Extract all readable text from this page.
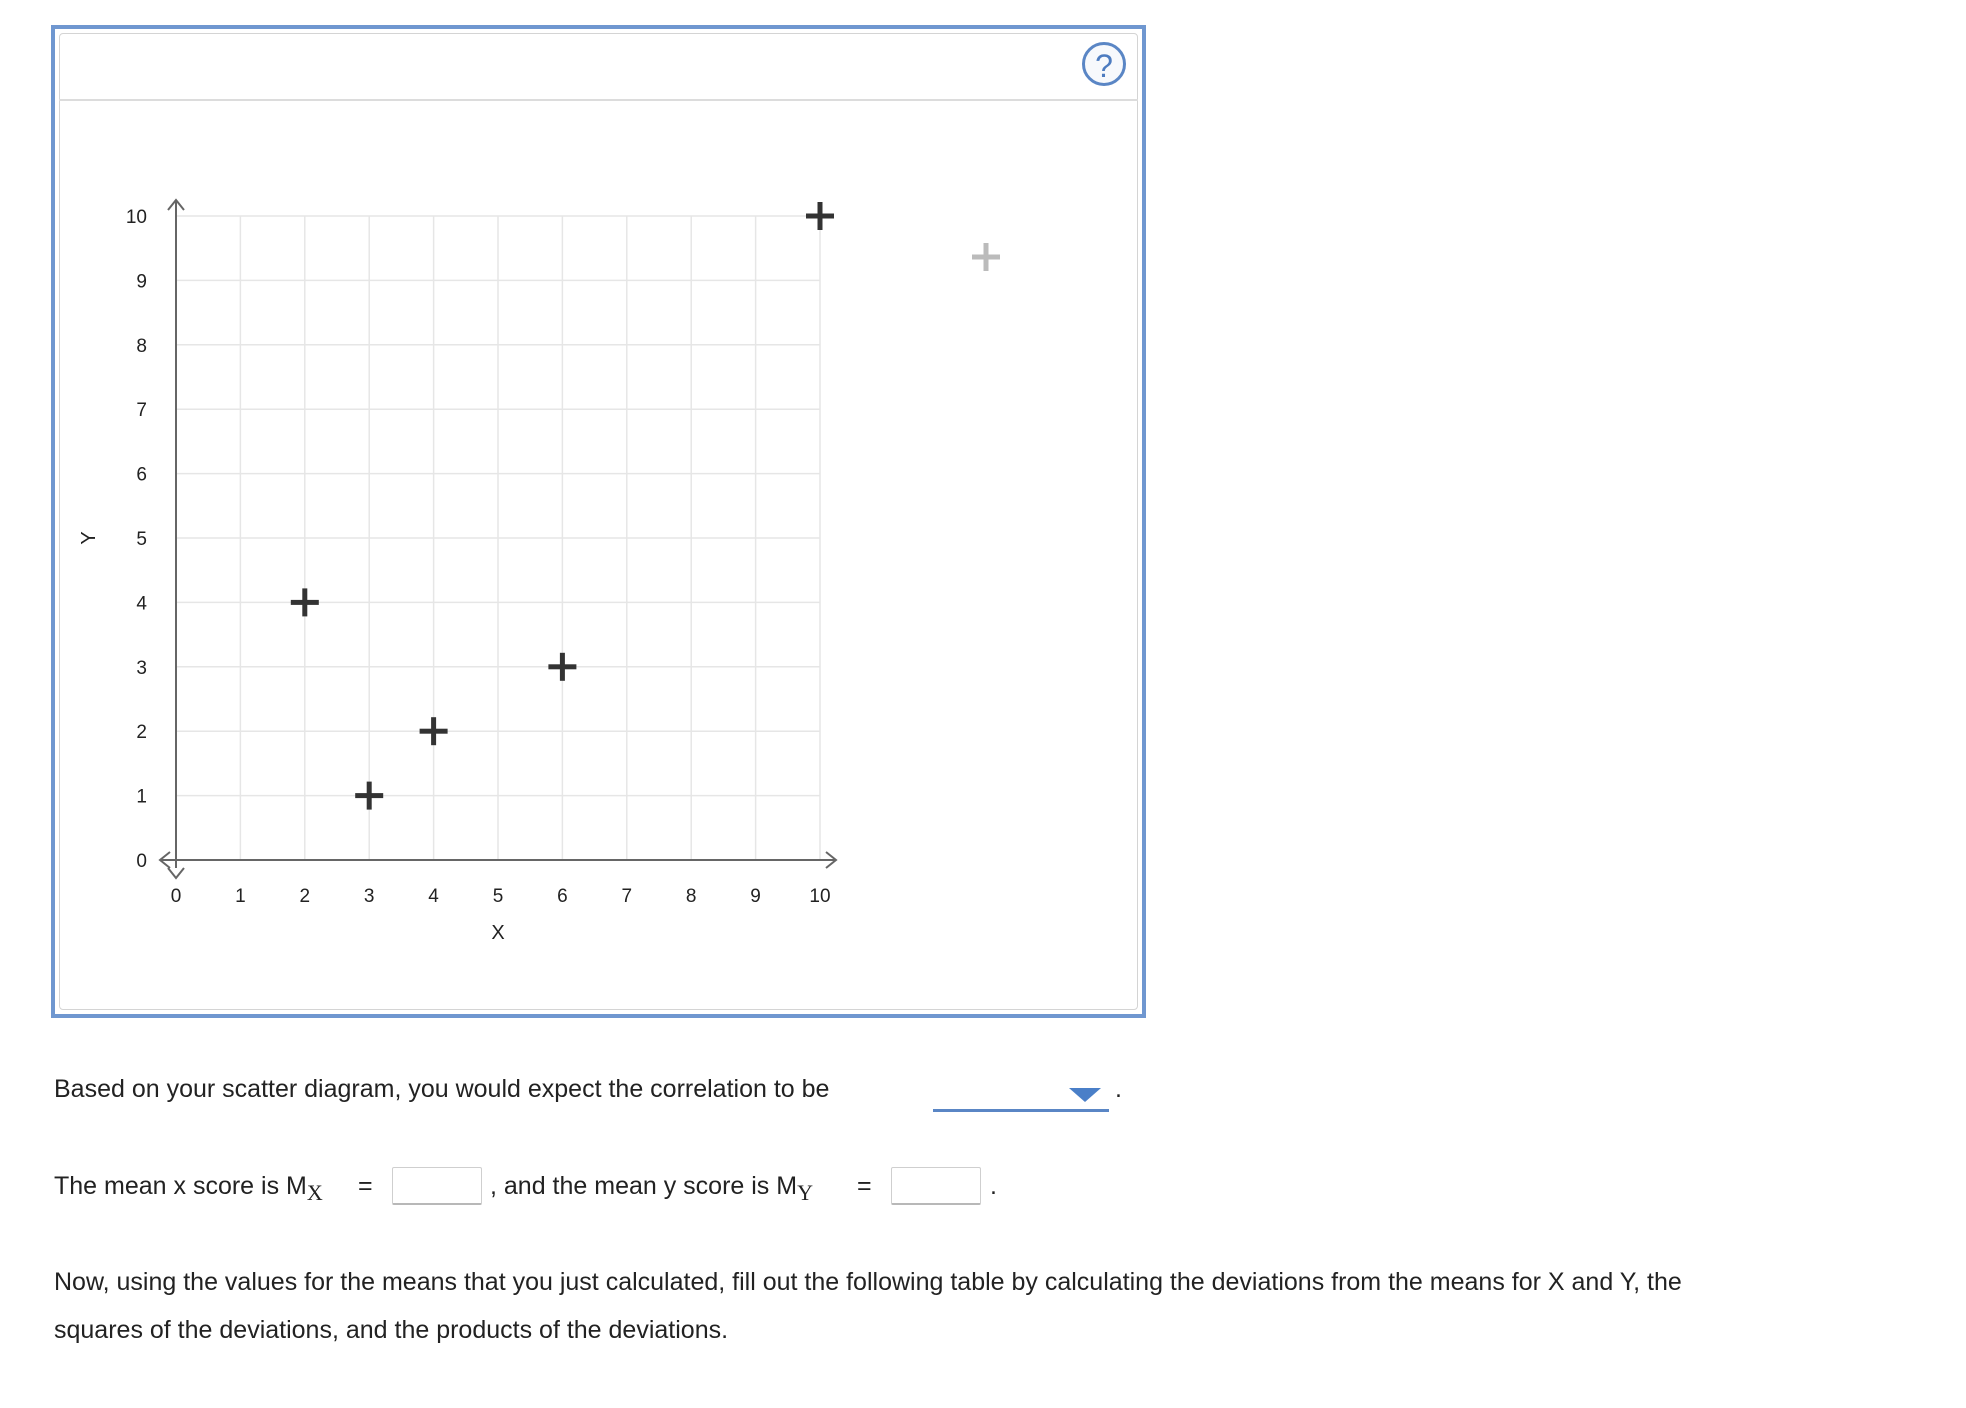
?
0	1	2	3	4	5	6	7	8	9	10
0
1
2
3
4
5
6
7
8
9
10
X
Y
Based on your scatter diagram, you would expect the correlation to be	.
The mean x score is MX =	, and the mean y score is MY =	.
Now, using the values for the means that you just calculated, fill out the following table by calculating the deviations from the means for X and Y, the
squares of the deviations, and the products of the deviations.
